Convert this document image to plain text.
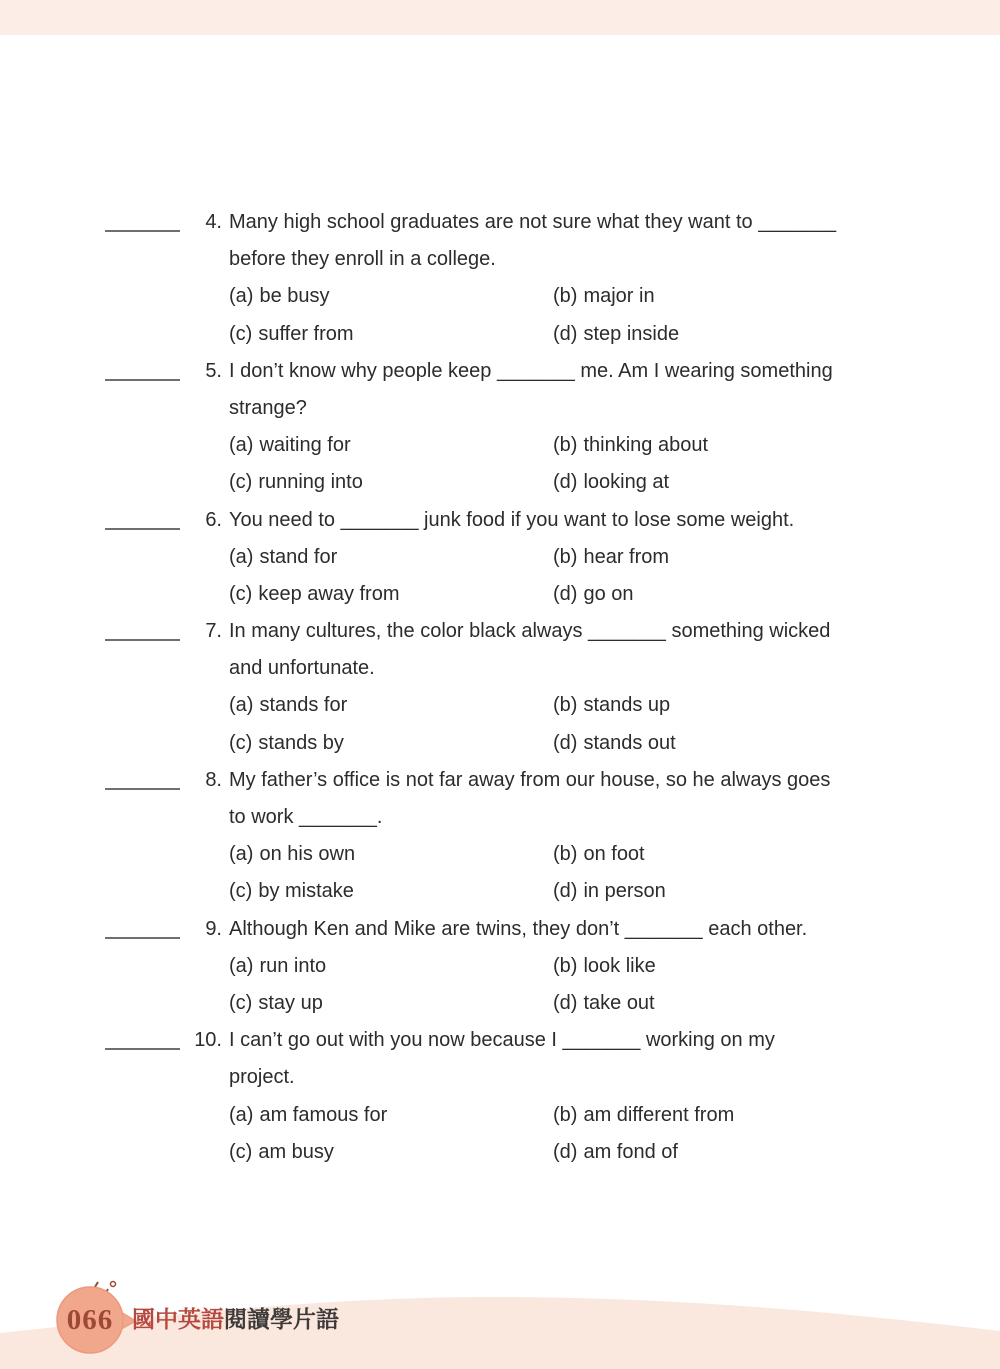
4. Many high school graduates are not sure what they want to _______
before they enroll in a college.
(a) be busy	(b) major in
(c) suffer from	(d) step inside
5. I don’t know why people keep _______ me. Am I wearing something
strange?
(a) waiting for	(b) thinking about
(c) running into	(d) looking at
6. You need to _______ junk food if you want to lose some weight.
(a) stand for	(b) hear from
(c) keep away from	(d) go on
7. In many cultures, the color black always _______ something wicked
and unfortunate.
(a) stands for	(b) stands up
(c) stands by	(d) stands out
8. My father’s office is not far away from our house, so he always goes
to work _______.
(a) on his own	(b) on foot
(c) by mistake	(d) in person
9. Although Ken and Mike are twins, they don’t _______ each other.
(a) run into	(b) look like
(c) stay up	(d) take out
10. I can’t go out with you now because I _______ working on my
project.
(a) am famous for	(b) am different from
(c) am busy	(d) am fond of
066 國中英語閱讀學片語
